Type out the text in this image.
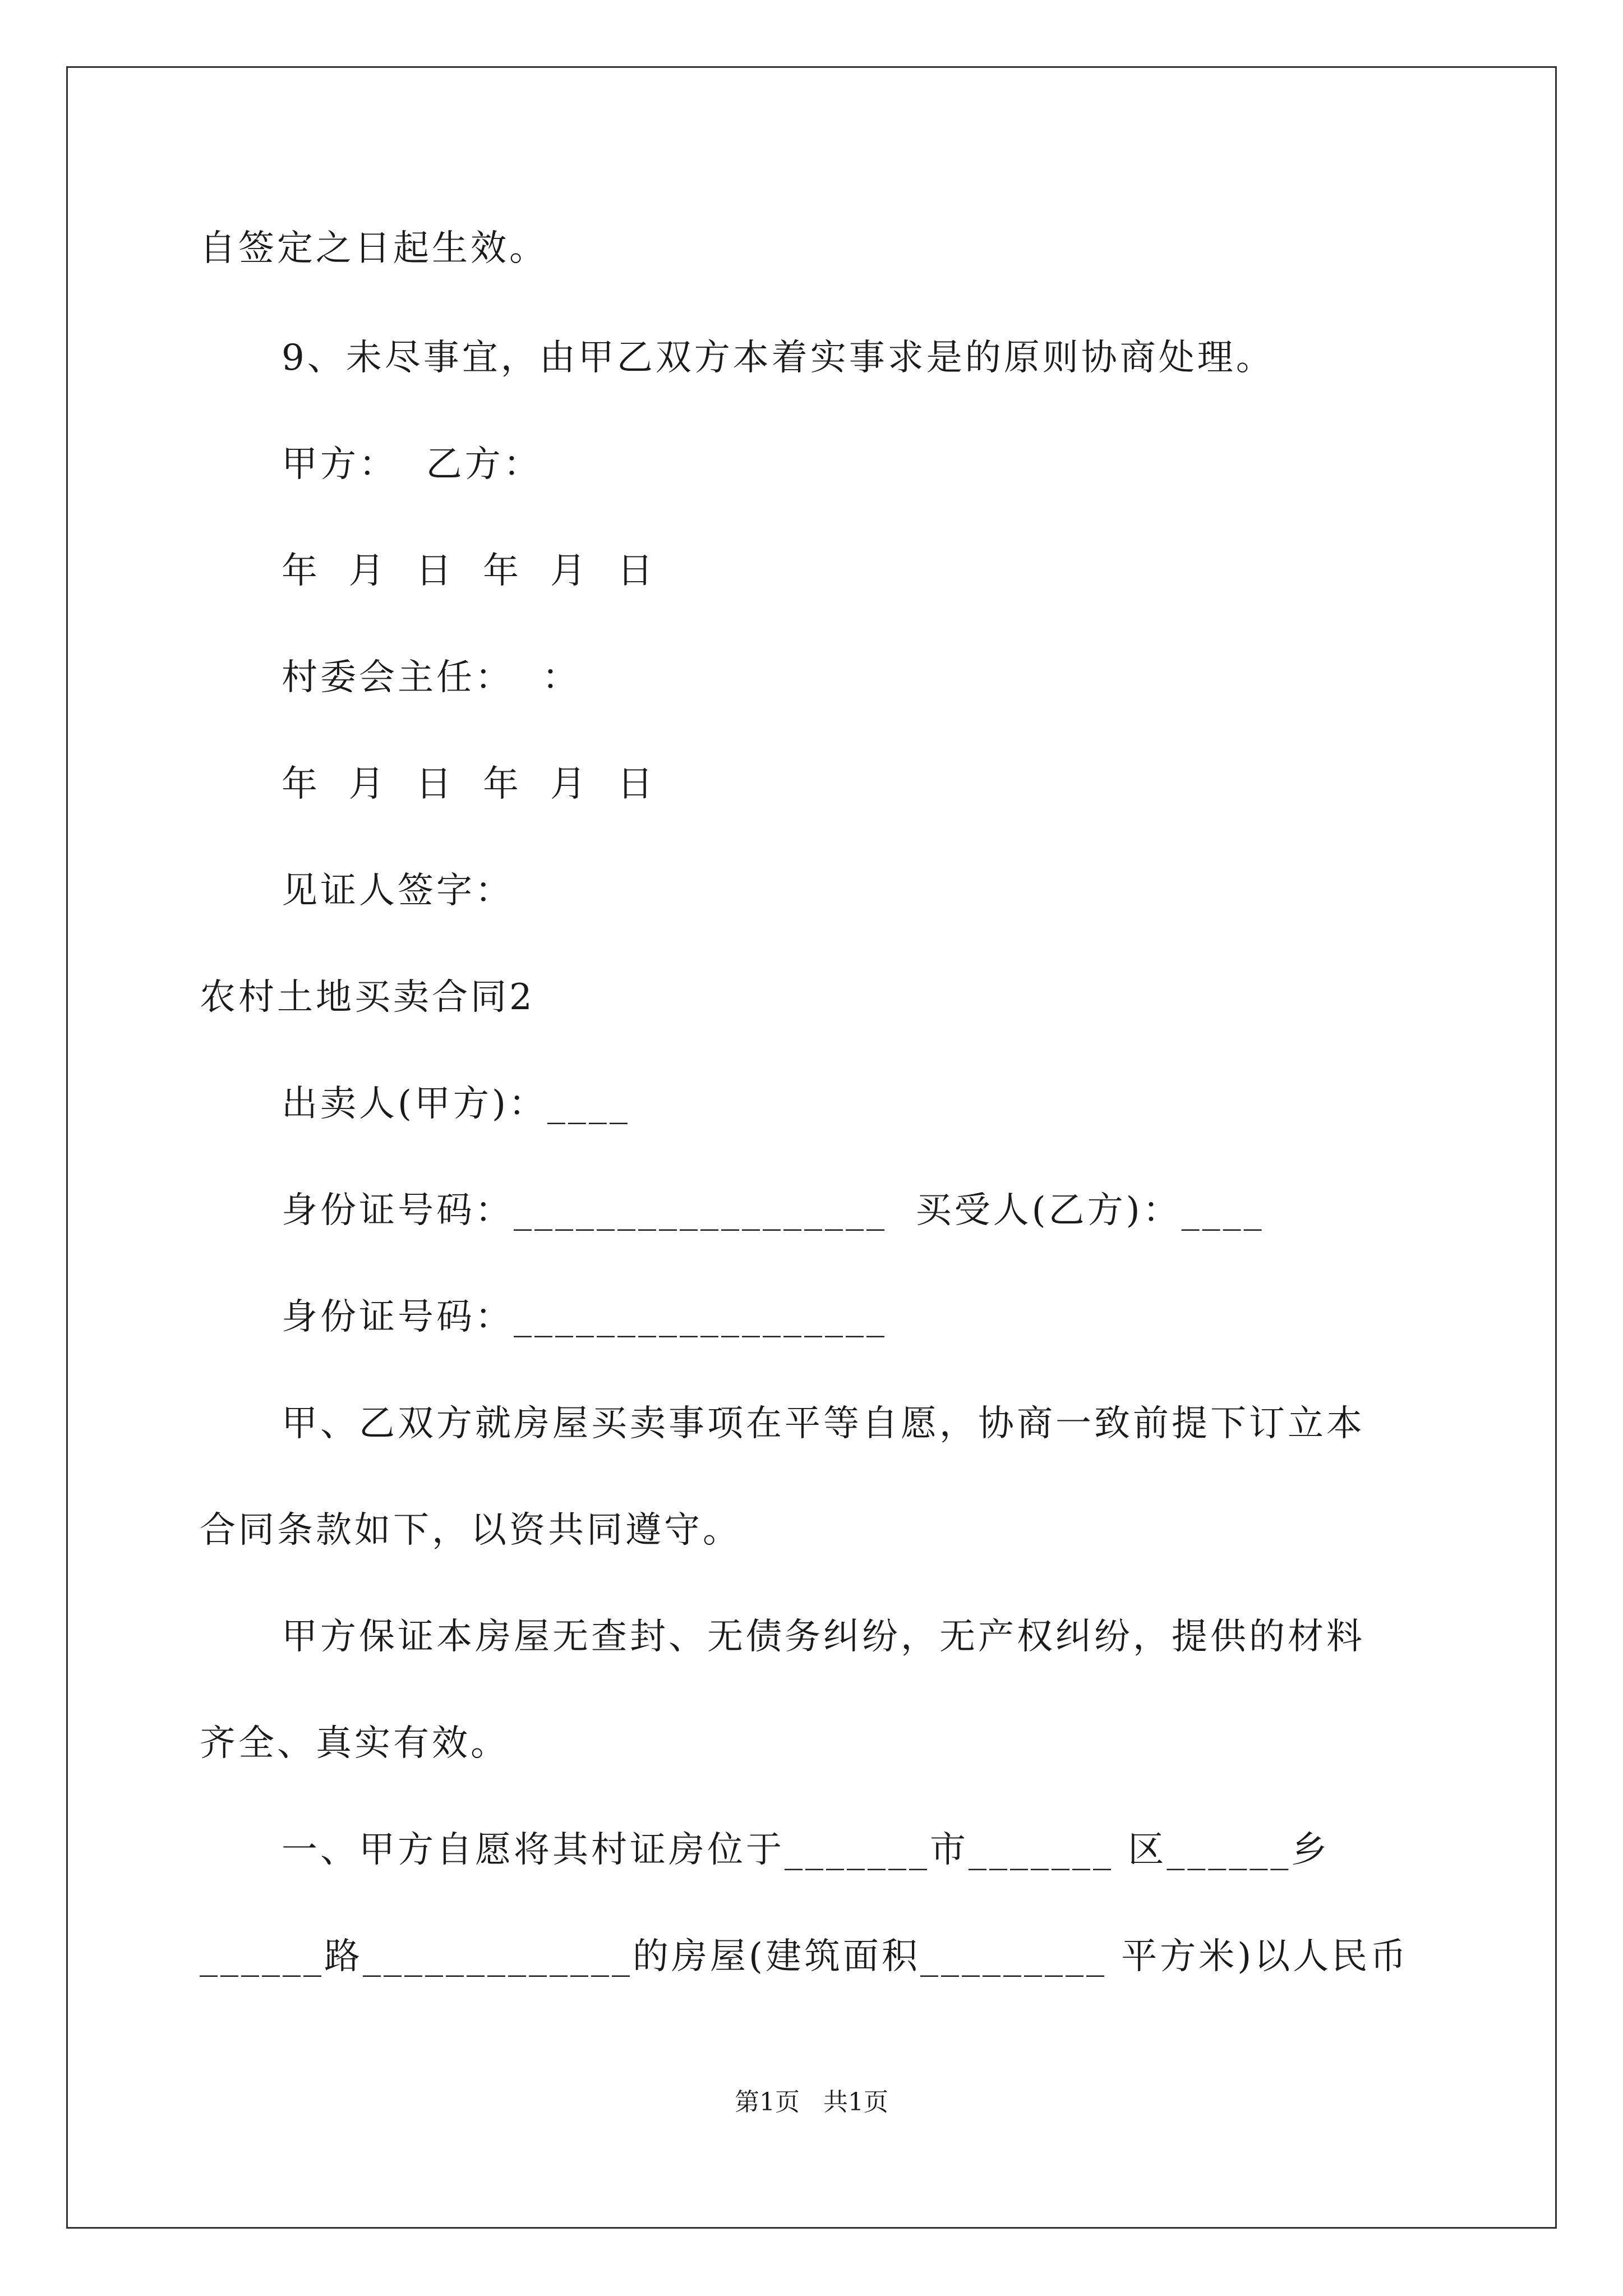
自签定之日起生效。
9、未尽事宜，由甲乙双方本着实事求是的原则协商处理。
甲方：  乙方：
年  月  日  年  月  日
村委会主任：  ：
年  月  日  年  月  日
见证人签字：
农村土地买卖合同2
出卖人(甲方)：____
身份证号码：__________________  买受人(乙方)：____
身份证号码：__________________
甲、乙双方就房屋买卖事项在平等自愿，协商一致前提下订立本
合同条款如下，以资共同遵守。
甲方保证本房屋无查封、无债务纠纷，无产权纠纷，提供的材料
齐全、真实有效。
一、甲方自愿将其村证房位于_______市_______ 区______乡
______路_____________的房屋(建筑面积_________ 平方米)以人民币
第1页   共1页
